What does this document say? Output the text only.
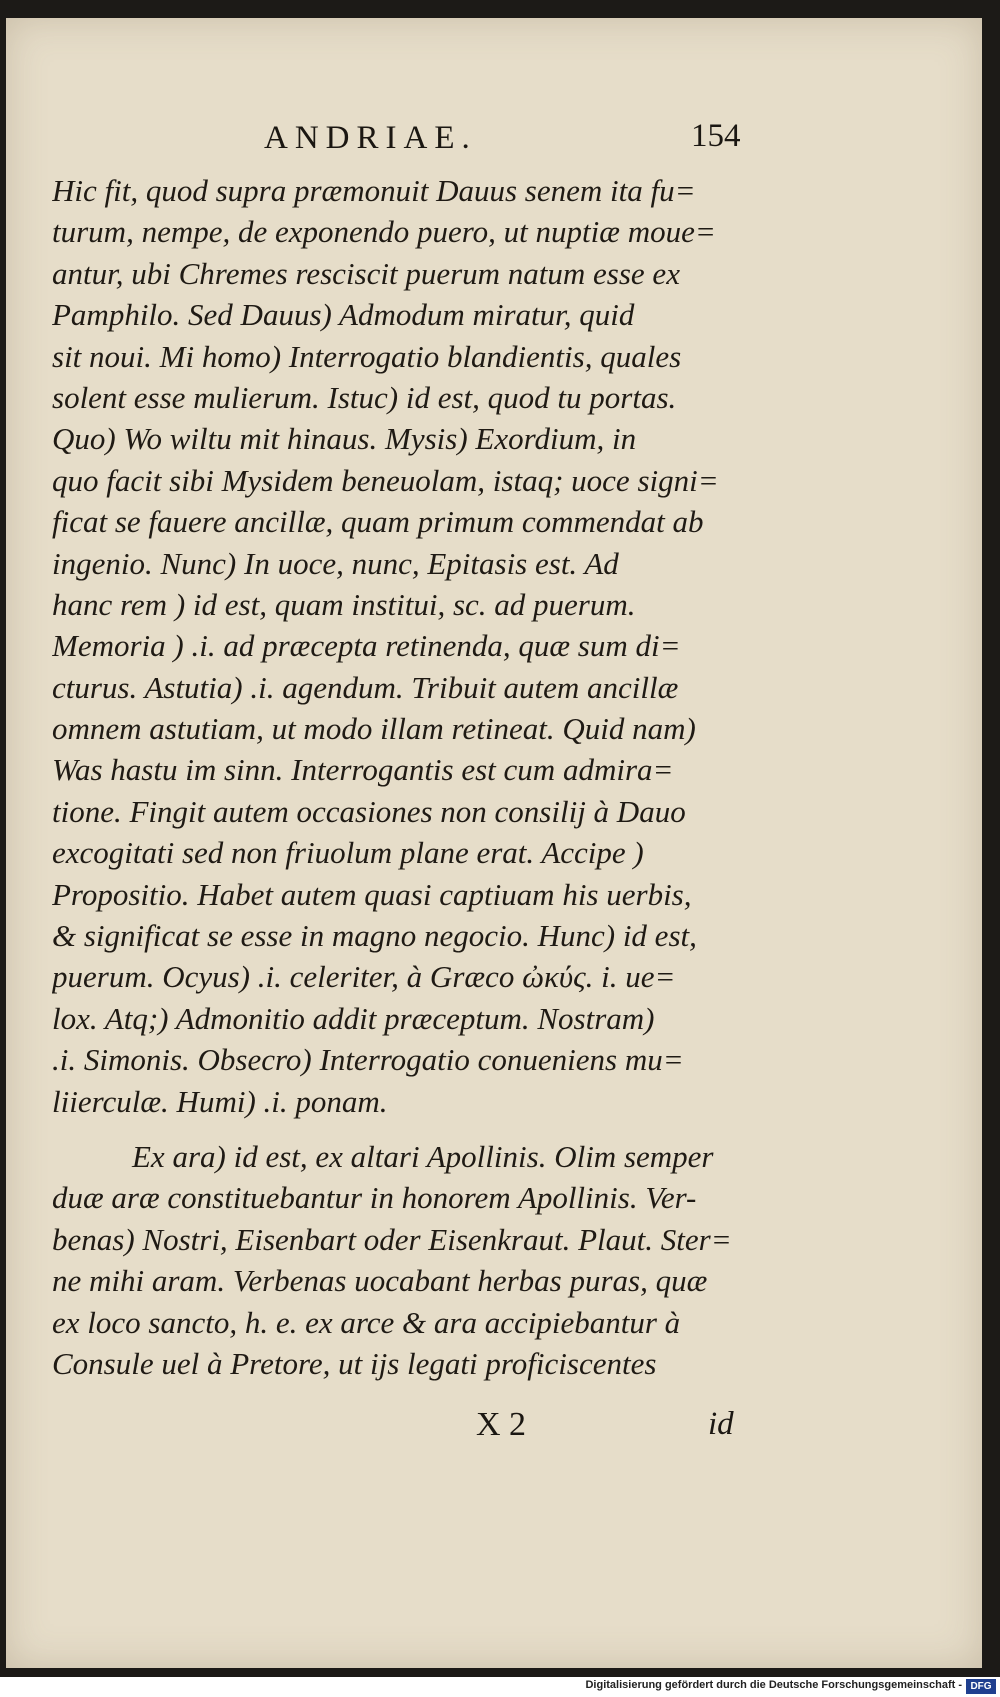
ANDRIAE.	154
Hic fit, quod supra præmonuit Dauus senem ita fu=
turum, nempe, de exponendo puero, ut nuptiæ moue=
antur, ubi Chremes resciscit puerum natum esse ex
Pamphilo. Sed Dauus) Admodum miratur, quid
sit noui. Mi homo) Interrogatio blandientis, quales
solent esse mulierum. Istuc) id est, quod tu portas.
Quo) Wo wiltu mit hinaus. Mysis) Exordium, in
quo facit sibi Mysidem beneuolam, istaq; uoce signi=
ficat se fauere ancillæ, quam primum commendat ab
ingenio. Nunc) In uoce, nunc, Epitasis est. Ad
hanc rem ) id est, quam institui, sc. ad puerum.
Memoria ) .i. ad præcepta retinenda, quæ sum di=
cturus. Astutia) .i. agendum. Tribuit autem ancillæ
omnem astutiam, ut modo illam retineat. Quid nam)
Was hastu im sinn. Interrogantis est cum admira=
tione. Fingit autem occasiones non consilij à Dauo
excogitati sed non friuolum plane erat. Accipe )
Propositio. Habet autem quasi captiuam his uerbis,
& significat se esse in magno negocio. Hunc) id est,
puerum. Ocyus) .i. celeriter, à Græco ὠκύς. i. ue=
lox. Atq;) Admonitio addit præceptum. Nostram)
.i. Simonis. Obsecro) Interrogatio conueniens mu=
liierculæ. Humi) .i. ponam.
Ex ara) id est, ex altari Apollinis. Olim semper
duæ aræ constituebantur in honorem Apollinis. Ver-
benas) Nostri, Eisenbart oder Eisenkraut. Plaut. Ster=
ne mihi aram. Verbenas uocabant herbas puras, quæ
ex loco sancto, h. e. ex arce & ara accipiebantur à
Consule uel à Pretore, ut ijs legati proficiscentes
X 2	id
Digitalisierung gefördert durch die Deutsche Forschungsgemeinschaft - DFG
